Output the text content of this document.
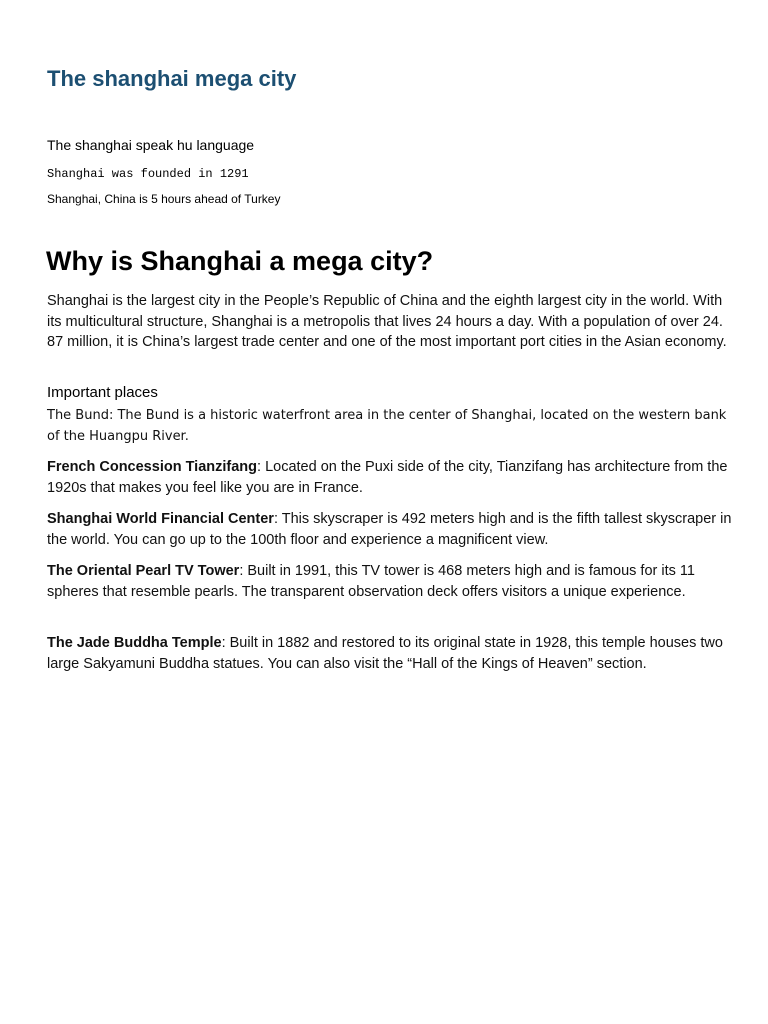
The shanghai mega city

The shanghai speak hu language

Shanghai was founded in 1291

Shanghai, China is 5 hours ahead of Turkey

Why is Shanghai a mega city?

Shanghai is the largest city in the People’s Republic of China and the eighth largest city in the world. With its multicultural structure, Shanghai is a metropolis that lives 24 hours a day. With a population of over 24. 87 million, it is China’s largest trade center and one of the most important port cities in the Asian economy.

Important places

The Bund: The Bund is a historic waterfront area in the center of Shanghai, located on the western bank of the Huangpu River.

French Concession Tianzifang: Located on the Puxi side of the city, Tianzifang has architecture from the 1920s that makes you feel like you are in France.

Shanghai World Financial Center: This skyscraper is 492 meters high and is the fifth tallest skyscraper in the world. You can go up to the 100th floor and experience a magnificent view.

The Oriental Pearl TV Tower: Built in 1991, this TV tower is 468 meters high and is famous for its 11 spheres that resemble pearls. The transparent observation deck offers visitors a unique experience.

The Jade Buddha Temple: Built in 1882 and restored to its original state in 1928, this temple houses two large Sakyamuni Buddha statues. You can also visit the “Hall of the Kings of Heaven” section.
